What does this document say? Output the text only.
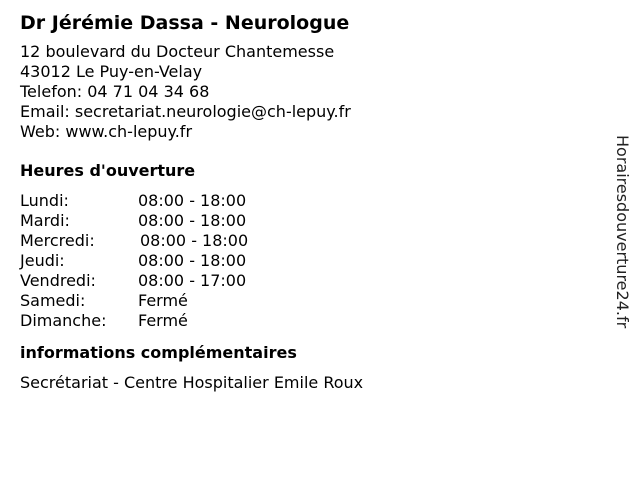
Dr Jérémie Dassa - Neurologue
12 boulevard du Docteur Chantemesse
43012 Le Puy-en-Velay
Telefon: 04 71 04 34 68
Email: secretariat.neurologie@ch-lepuy.fr
Web: www.ch-lepuy.fr
Heures d'ouverture
Lundi:	08:00 - 18:00
Mardi:	08:00 - 18:00
Mercredi:	08:00 - 18:00
Jeudi:	08:00 - 18:00
Vendredi:	08:00 - 17:00
Samedi:	Fermé
Dimanche:	Fermé
informations complémentaires
Secrétariat - Centre Hospitalier Emile Roux
Horairesdouverture24.fr
